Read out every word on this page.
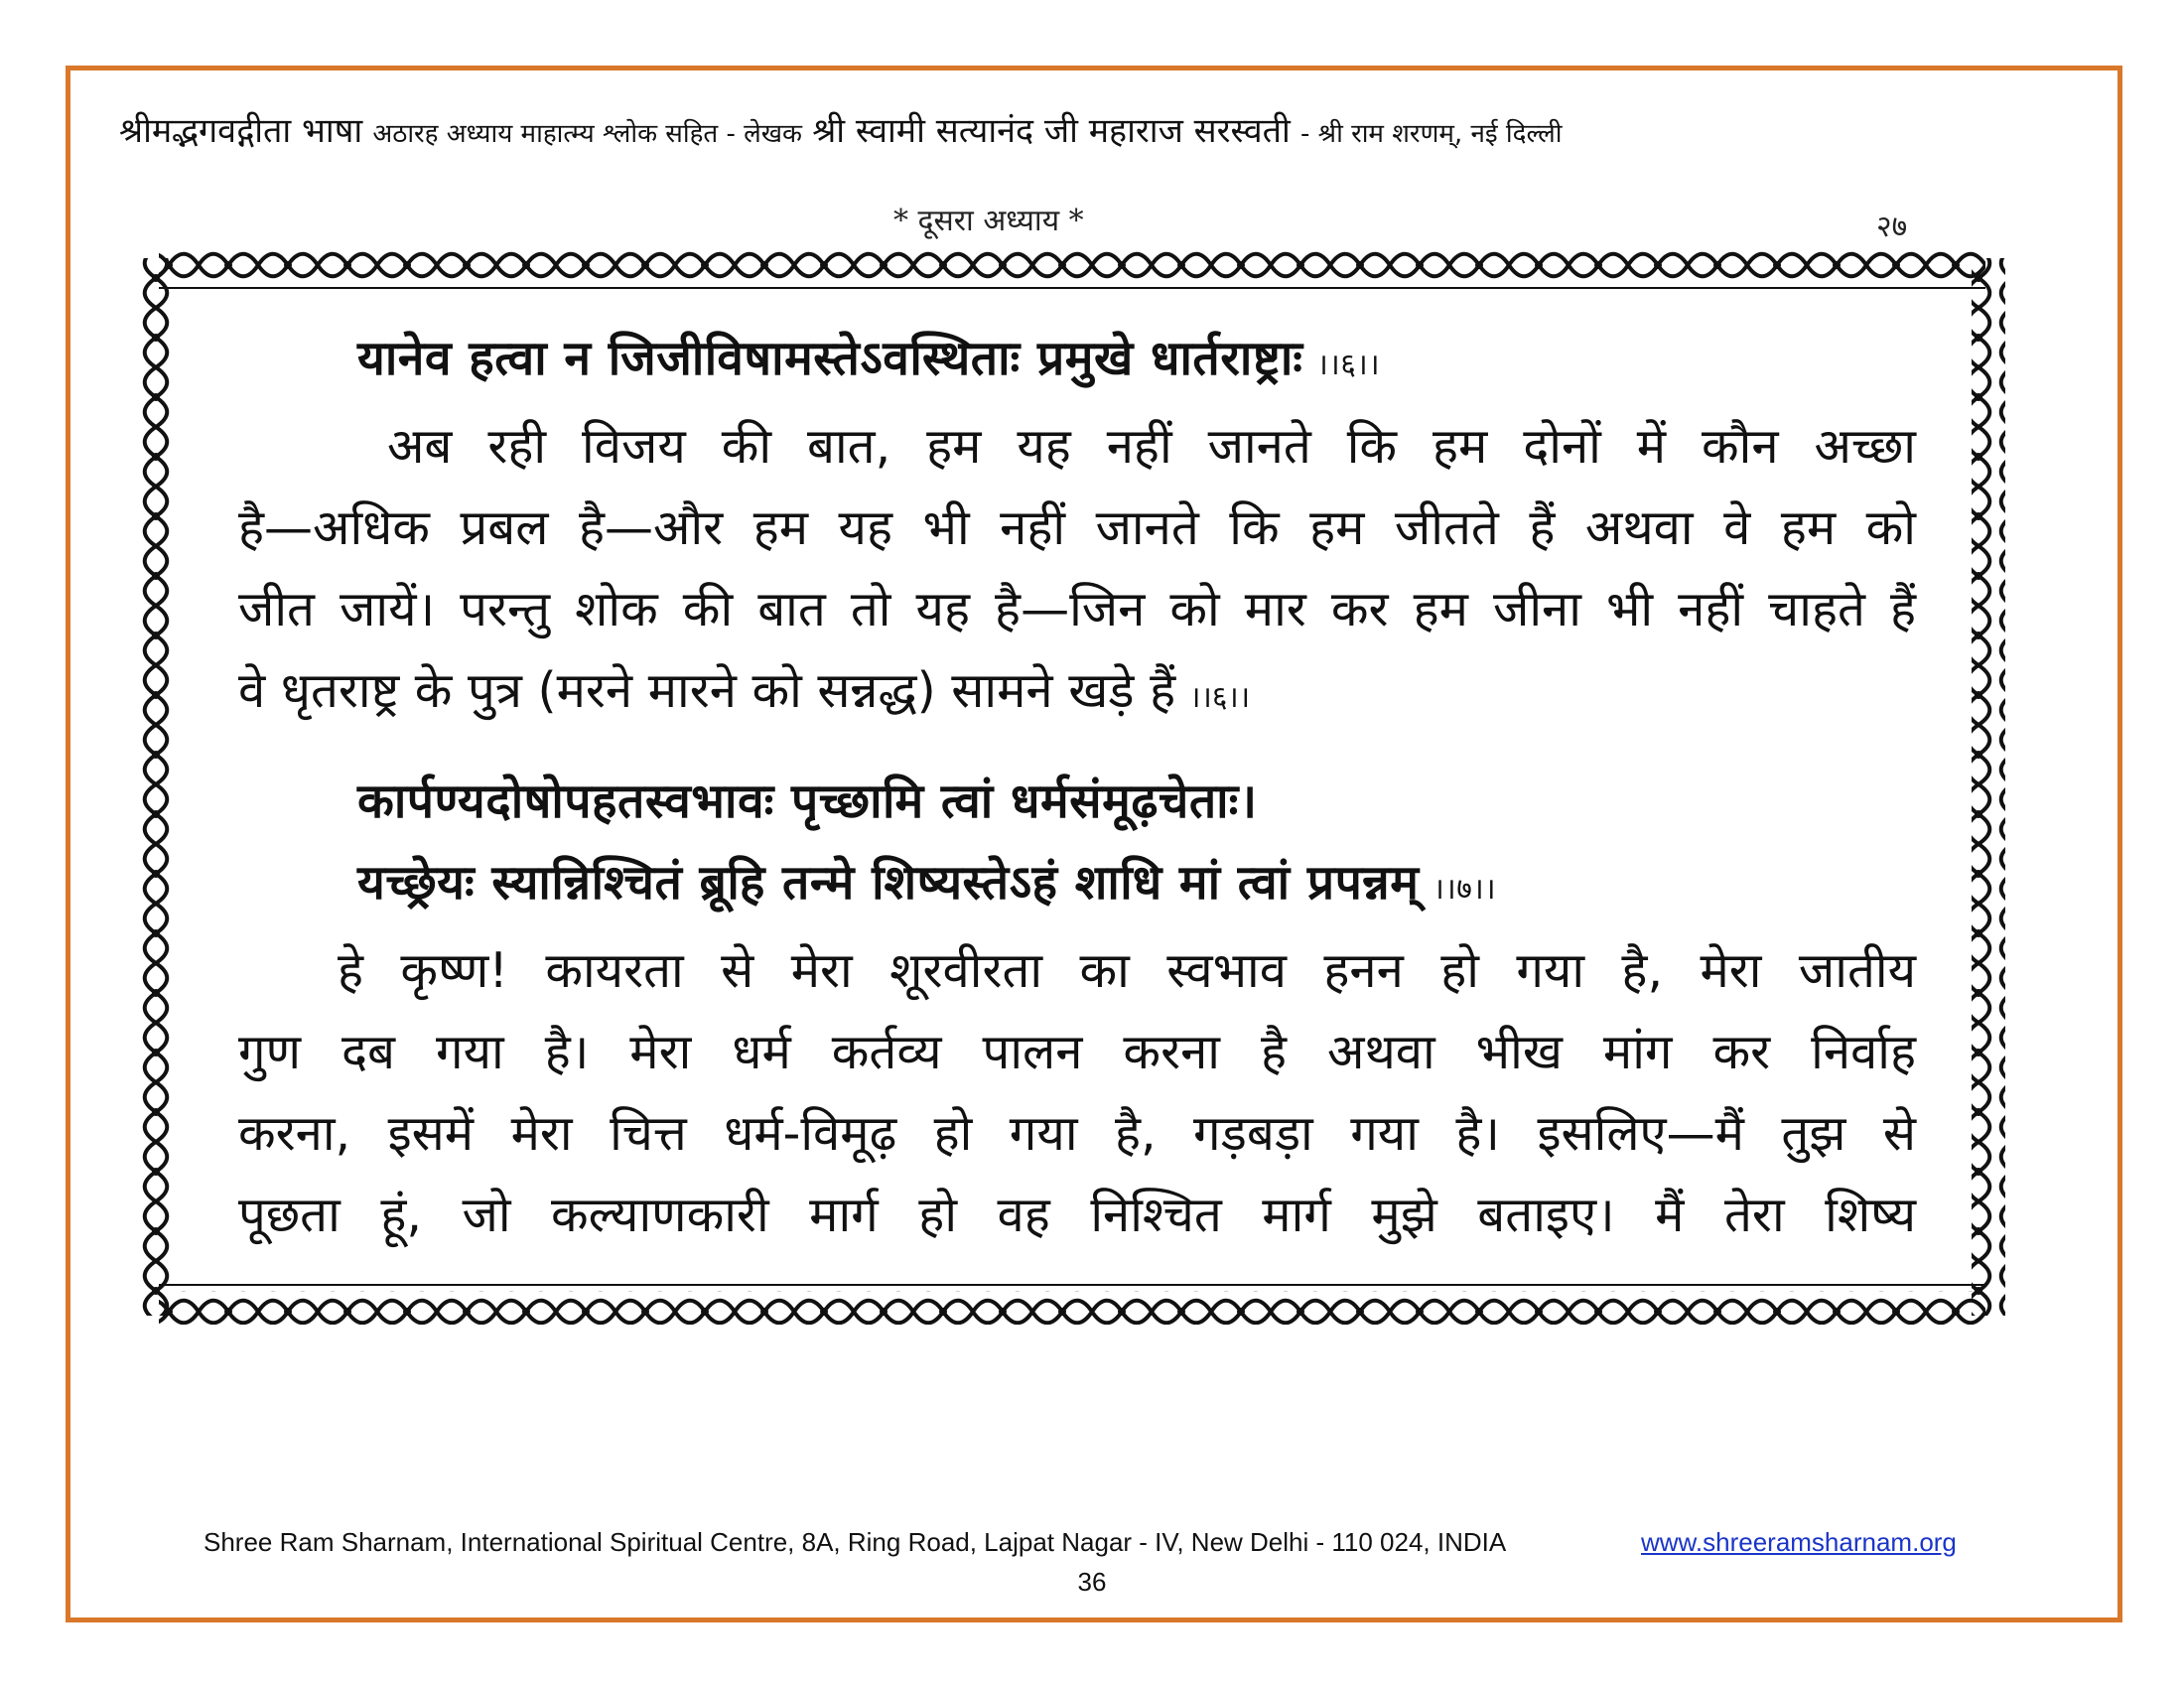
श्रीमद्भगवद्गीता भाषा अठारह अध्याय माहात्म्य श्लोक सहित - लेखक श्री स्वामी सत्यानंद जी महाराज सरस्वती - श्री राम शरणम्, नई दिल्ली
* दूसरा अध्याय *	२७
यानेव हत्वा न जिजीविषामस्तेऽवस्थिताः प्रमुखे धार्तराष्ट्राः ।।६।।
अब रही विजय की बात, हम यह नहीं जानते कि हम दोनों में कौन अच्छा
है—अधिक प्रबल है—और हम यह भी नहीं जानते कि हम जीतते हैं अथवा वे हम को
जीत जायें। परन्तु शोक की बात तो यह है—जिन को मार कर हम जीना भी नहीं चाहते हैं
वे धृतराष्ट्र के पुत्र (मरने मारने को सन्नद्ध) सामने खड़े हैं ।।६।।
कार्पण्यदोषोपहतस्वभावः पृच्छामि त्वां धर्मसंमूढ़चेताः।
यच्छ्रेयः स्यान्निश्चितं ब्रूहि तन्मे शिष्यस्तेऽहं शाधि मां त्वां प्रपन्नम् ।।७।।
हे कृष्ण! कायरता से मेरा शूरवीरता का स्वभाव हनन हो गया है, मेरा जातीय
गुण दब गया है। मेरा धर्म कर्तव्य पालन करना है अथवा भीख मांग कर निर्वाह
करना, इसमें मेरा चित्त धर्म-विमूढ़ हो गया है, गड़बड़ा गया है। इसलिए—मैं तुझ से
पूछता हूं, जो कल्याणकारी मार्ग हो वह निश्चित मार्ग मुझे बताइए। मैं तेरा शिष्य
Shree Ram Sharnam, International Spiritual Centre, 8A, Ring Road, Lajpat Nagar - IV, New Delhi - 110 024, INDIA	www.shreeramsharnam.org
36
